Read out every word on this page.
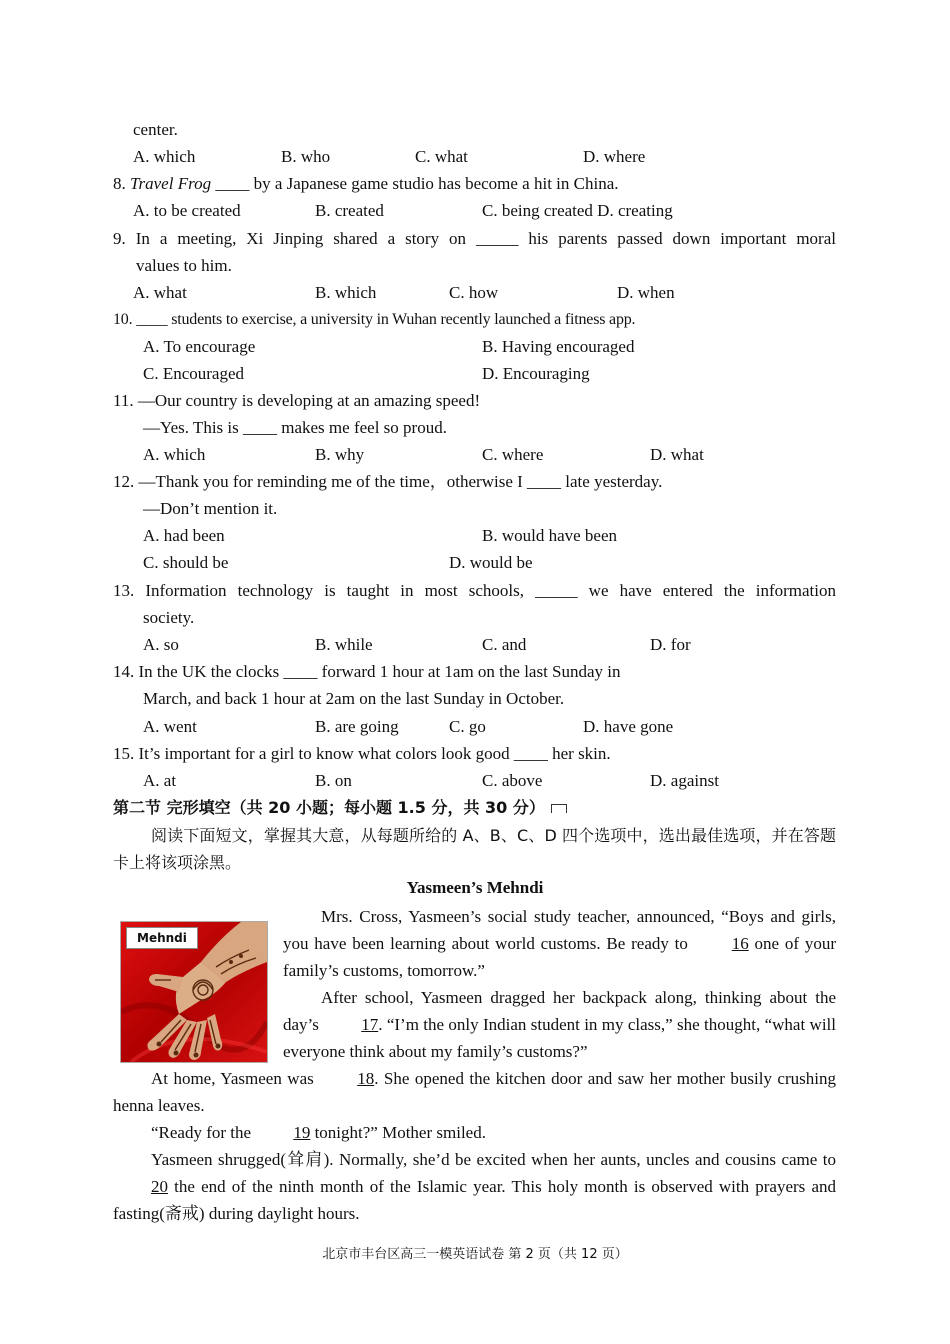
center.
A. which	B. who	C. what	D. where
8. Travel Frog ____ by a Japanese game studio has become a hit in China.
A. to be created	B. created	C. being created D. creating
9. In a meeting, Xi Jinping shared a story on _____ his parents passed down important moral
values to him.
A. what	B. which	C. how	D. when
10. ____ students to exercise, a university in Wuhan recently launched a fitness app.
A. To encourage	B. Having encouraged
C. Encouraged	D. Encouraging
11. —Our country is developing at an amazing speed!
—Yes. This is ____ makes me feel so proud.
A. which	B. why	C. where	D. what
12. —Thank you for reminding me of the time，otherwise I ____ late yesterday.
—Don’t mention it.
A. had been	B. would have been
C. should be	D. would be
13. Information technology is taught in most schools, _____ we have entered the information
society.
A. so	B. while	C. and	D. for
14. In the UK the clocks ____ forward 1 hour at 1am on the last Sunday in
March, and back 1 hour at 2am on the last Sunday in October.
A. went	B. are going	C. go	D. have gone
15. It’s important for a girl to know what colors look good ____ her skin.
A. at	B. on	C. above	D. against
第二节 完形填空（共 20 小题；每小题 1.5 分，共 30 分）
阅读下面短文，掌握其大意，从每题所给的 A、B、C、D 四个选项中，选出最佳选项，并在答题卡上将该项涂黑。
Yasmeen’s Mehndi
Mehndi

Mrs. Cross, Yasmeen’s social study teacher, announced, “Boys and girls, you have been learning about world customs. Be ready to 16 one of your family’s customs, tomorrow.”

After school, Yasmeen dragged her backpack along, thinking about the day’s 17. “I’m the only Indian student in my class,” she thought, “what will everyone think about my family’s customs?”

At home, Yasmeen was 18. She opened the kitchen door and saw her mother busily crushing henna leaves.

“Ready for the 19 tonight?” Mother smiled.

Yasmeen shrugged(耸肩). Normally, she’d be excited when her aunts, uncles and cousins came to 20 the end of the ninth month of the Islamic year. This holy month is observed with prayers and fasting(斋戒) during daylight hours.

北京市丰台区高三一模英语试卷 第 2 页（共 12 页）
